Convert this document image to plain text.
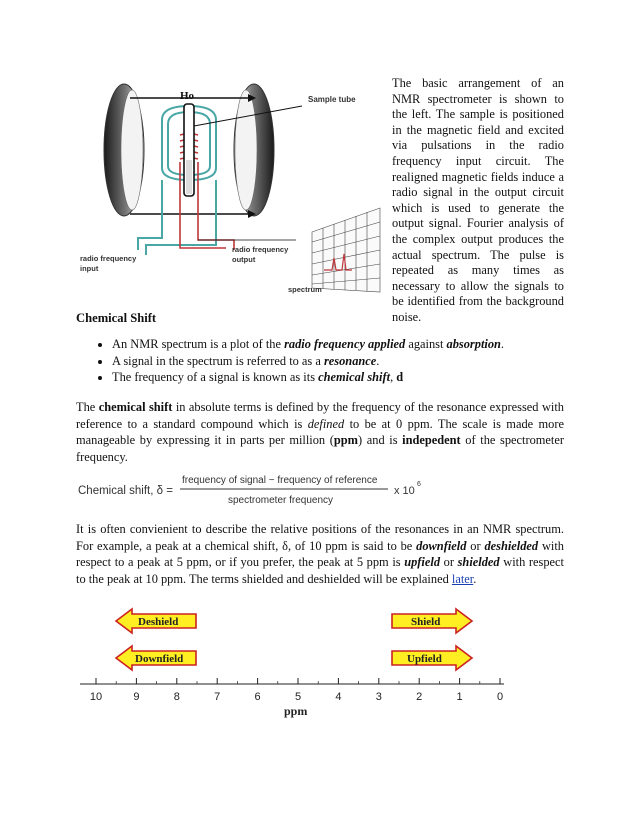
Ho	Sample tube
radio frequency
input
radio frequency
output
spectrum

The basic arrangement of an NMR spectrometer is shown to the left. The sample is positioned in the magnetic field and excited via pulsations in the radio frequency input circuit. The realigned magnetic fields induce a radio signal in the output circuit which is used to generate the output signal. Fourier analysis of the complex output produces the actual spectrum. The pulse is repeated as many times as necessary to allow the signals to be identified from the background noise.

Chemical Shift
• An NMR spectrum is a plot of the radio frequency applied against absorption.
• A signal in the spectrum is referred to as a resonance.
• The frequency of a signal is known as its chemical shift, d

The chemical shift in absolute terms is defined by the frequency of the resonance expressed with reference to a standard compound which is defined to be at 0 ppm. The scale is made more manageable by expressing it in parts per million (ppm) and is indepedent of the spectrometer frequency.

Chemical shift, δ =
frequency of signal − frequency of reference
spectrometer frequency
x 10
6

It is often convienient to describe the relative positions of the resonances in an NMR spectrum. For example, a peak at a chemical shift, δ, of 10 ppm is said to be downfield or deshielded with respect to a peak at 5 ppm, or if you prefer, the peak at 5 ppm is upfield or shielded with respect to the peak at 10 ppm. The terms shielded and deshielded will be explained later.

Deshield
Downfield
Shield
Upfield
10	9	8	7	6	5	4	3	2	1	0
ppm
